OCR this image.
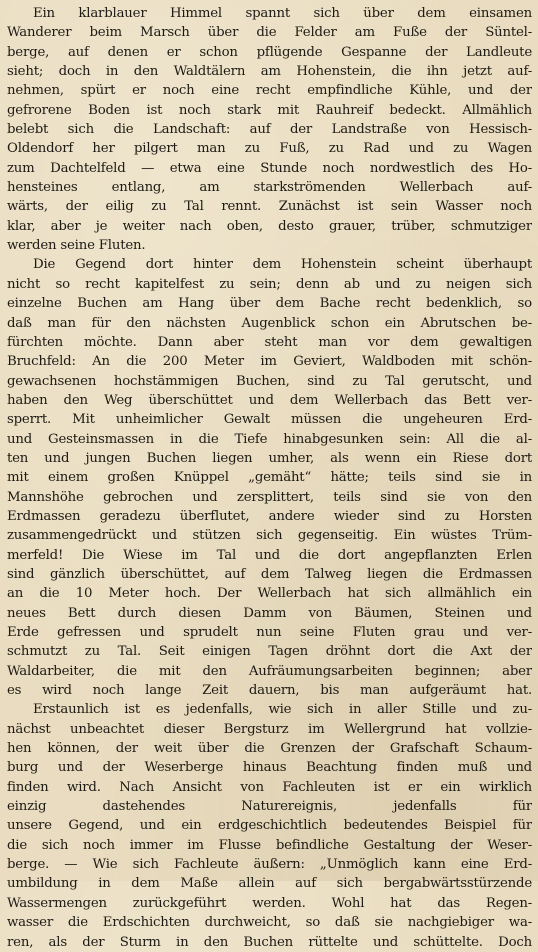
Ein klarblauer Himmel spannt sich über dem einsamen
Wanderer beim Marsch über die Felder am Fuße der Süntel-
berge, auf denen er schon pflügende Gespanne der Landleute
sieht; doch in den Waldtälern am Hohenstein, die ihn jetzt auf-
nehmen, spürt er noch eine recht empfindliche Kühle, und der
gefrorene Boden ist noch stark mit Rauhreif bedeckt. Allmählich
belebt sich die Landschaft: auf der Landstraße von Hessisch-
Oldendorf her pilgert man zu Fuß, zu Rad und zu Wagen
zum Dachtelfeld — etwa eine Stunde noch nordwestlich des Ho-
hensteines entlang, am starkströmenden Wellerbach auf-
wärts, der eilig zu Tal rennt. Zunächst ist sein Wasser noch
klar, aber je weiter nach oben, desto grauer, trüber, schmutziger
werden seine Fluten.
Die Gegend dort hinter dem Hohenstein scheint überhaupt
nicht so recht kapitelfest zu sein; denn ab und zu neigen sich
einzelne Buchen am Hang über dem Bache recht bedenklich, so
daß man für den nächsten Augenblick schon ein Abrutschen be-
fürchten möchte. Dann aber steht man vor dem gewaltigen
Bruchfeld: An die 200 Meter im Geviert, Waldboden mit schön-
gewachsenen hochstämmigen Buchen, sind zu Tal gerutscht, und
haben den Weg überschüttet und dem Wellerbach das Bett ver-
sperrt. Mit unheimlicher Gewalt müssen die ungeheuren Erd-
und Gesteinsmassen in die Tiefe hinabgesunken sein: All die al-
ten und jungen Buchen liegen umher, als wenn ein Riese dort
mit einem großen Knüppel „gemäht“ hätte; teils sind sie in
Mannshöhe gebrochen und zersplittert, teils sind sie von den
Erdmassen geradezu überflutet, andere wieder sind zu Horsten
zusammengedrückt und stützen sich gegenseitig. Ein wüstes Trüm-
merfeld! Die Wiese im Tal und die dort angepflanzten Erlen
sind gänzlich überschüttet, auf dem Talweg liegen die Erdmassen
an die 10 Meter hoch. Der Wellerbach hat sich allmählich ein
neues Bett durch diesen Damm von Bäumen, Steinen und
Erde gefressen und sprudelt nun seine Fluten grau und ver-
schmutzt zu Tal. Seit einigen Tagen dröhnt dort die Axt der
Waldarbeiter, die mit den Aufräumungsarbeiten beginnen; aber
es wird noch lange Zeit dauern, bis man aufgeräumt hat.
Erstaunlich ist es jedenfalls, wie sich in aller Stille und zu-
nächst unbeachtet dieser Bergsturz im Wellergrund hat vollzie-
hen können, der weit über die Grenzen der Grafschaft Schaum-
burg und der Weserberge hinaus Beachtung finden muß und
finden wird. Nach Ansicht von Fachleuten ist er ein wirklich
einzig dastehendes Naturereignis, jedenfalls für
unsere Gegend, und ein erdgeschichtlich bedeutendes Beispiel für
die sich noch immer im Flusse befindliche Gestaltung der Weser-
berge. — Wie sich Fachleute äußern: „Unmöglich kann eine Erd-
umbildung in dem Maße allein auf sich bergabwärtsstürzende
Wassermengen zurückgeführt werden. Wohl hat das Regen-
wasser die Erdschichten durchweicht, so daß sie nachgiebiger wa-
ren, als der Sturm in den Buchen rüttelte und schüttelte. Doch
